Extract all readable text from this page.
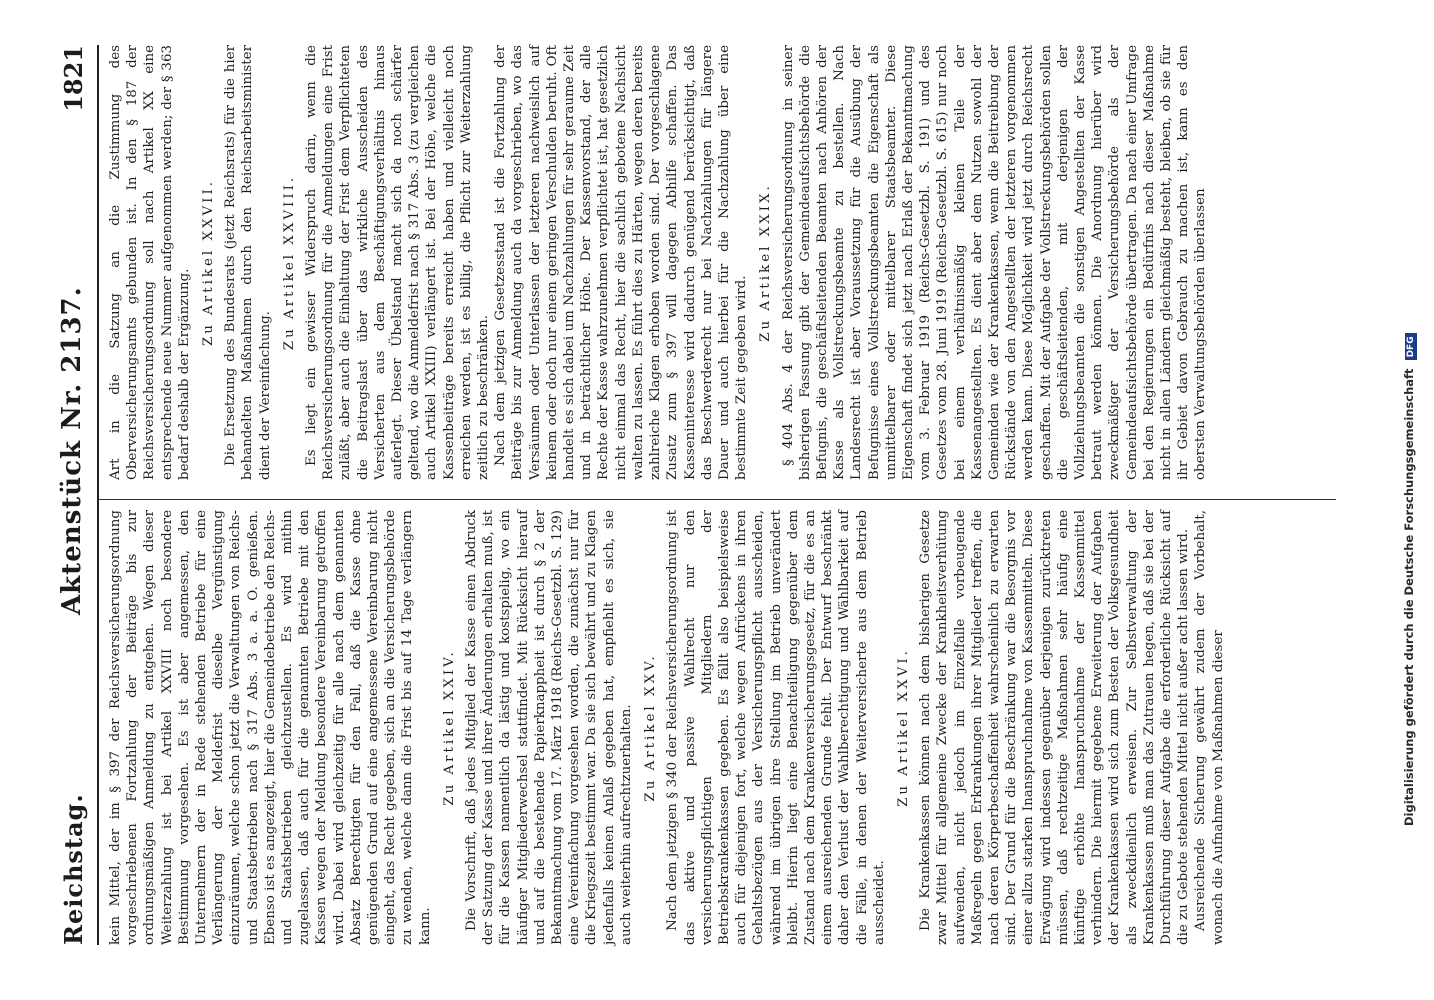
Reichstag.
Aktenstück Nr. 2137.
1821

kein Mittel, der im § 397 der Reichsversicherungsordnung vorgeschriebenen Fortzahlung der Beiträge bis zur ordnungsmäßigen Anmeldung zu entgehen. Wegen dieser Weiterzahlung ist bei Artikel XXVIII noch besondere Bestimmung vorgesehen. Es ist aber angemessen, den Unternehmern der in Rede stehenden Betriebe für eine Verlängerung der Meldefrist dieselbe Vergünstigung einzuräumen, welche schon jetzt die Verwaltungen von Reichs- und Staatsbetrieben nach § 317 Abs. 3 a. a. O. genießen. Ebenso ist es angezeigt, hier die Gemeindebetriebe den Reichs- und Staatsbetrieben gleichzustellen. Es wird mithin zugelassen, daß auch für die genannten Betriebe mit den Kassen wegen der Meldung besondere Vereinbarung getroffen wird. Dabei wird gleichzeitig für alle nach dem genannten Absatz Berechtigten für den Fall, daß die Kasse ohne genügenden Grund auf eine angemessene Vereinbarung nicht eingeht, das Recht gegeben, sich an die Versicherungsbehörde zu wenden, welche dann die Frist bis auf 14 Tage verlängern kann.

Zu Artikel XXIV. Die Vorschrift, daß jedes Mitglied der Kasse einen Abdruck der Satzung der Kasse und ihrer Änderungen erhalten muß, ist für die Kassen namentlich da lästig und kostspielig, wo ein häufiger Mitgliederwechsel stattfindet. Mit Rücksicht hierauf und auf die bestehende Papierknappheit ist durch § 2 der Bekanntmachung vom 17. März 1918 (Reichs-Gesetzbl. S. 129) eine Vereinfachung vorgesehen worden, die zunächst nur für die Kriegszeit bestimmt war. Da sie sich bewährt und zu Klagen jedenfalls keinen Anlaß gegeben hat, empfiehlt es sich, sie auch weiterhin aufrechtzuerhalten. Zu Artikel XXV. Nach dem jetzigen § 340 der Reichsversicherungsordnung ist das aktive und passive Wahlrecht nur den versicherungspflichtigen Mitgliedern der Betriebskrankenkassen gegeben. Es fällt also beispielsweise auch für diejenigen fort, welche wegen Aufrückens in ihren Gehaltsbezügen aus der Versicherungspflicht ausscheiden, während im übrigen ihre Stellung im Betrieb unverändert bleibt. Hierin liegt eine Benachteiligung gegenüber dem Zustand nach dem Krankenversicherungsgesetz, für die es an einem ausreichenden Grunde fehlt. Der Entwurf beschränkt daher den Verlust der Wahlberechtigung und Wählbarkeit auf die Fälle, in denen der Weiterversicherte aus dem Betrieb ausscheidet.

Zu Artikel XXVI. Die Krankenkassen können nach dem bisherigen Gesetze zwar Mittel für allgemeine Zwecke der Krankheitsverhütung aufwenden, nicht jedoch im Einzelfalle vorbeugende Maßregeln gegen Erkrankungen ihrer Mitglieder treffen, die nach deren Körperbeschaffenheit wahrscheinlich zu erwarten sind. Der Grund für die Beschränkung war die Besorgnis vor einer allzu starken Inanspruchnahme von Kassenmitteln. Diese Erwägung wird indessen gegenüber derjenigen zurücktreten müssen, daß rechtzeitige Maßnahmen sehr häufig eine künftige erhöhte Inanspruchnahme der Kassenmittel verhindern. Die hiermit gegebene Erweiterung der Aufgaben der Krankenkassen wird sich zum Besten der Volksgesundheit als zweckdienlich erweisen. Zur Selbstverwaltung der Krankenkassen muß man das Zutrauen hegen, daß sie bei der Durchführung dieser Aufgabe die erforderliche Rücksicht auf die zu Gebote stehenden Mittel nicht außer acht lassen wird. Ausreichende Sicherung gewährt zudem der Vorbehalt, wonach die Aufnahme von Maßnahmen dieser

Art in die Satzung an die Zustimmung des Oberversicherungsamts gebunden ist. In den § 187 der Reichsversicherungsordnung soll nach Artikel XX eine entsprechende neue Nummer aufgenommen werden; der § 363 bedarf deshalb der Ergänzung.

Zu Artikel XXVII. Die Ersetzung des Bundesrats (jetzt Reichsrats) für die hier behandelten Maßnahmen durch den Reichsarbeitsminister dient der Vereinfachung.

Zu Artikel XXVIII. Es liegt ein gewisser Widerspruch darin, wenn die Reichsversicherungsordnung für die Anmeldungen eine Frist zuläßt, aber auch die Einhaltung der Frist dem Verpflichteten die Beitragslast über das wirkliche Ausscheiden des Versicherten aus dem Beschäftigungsverhältnis hinaus auferlegt. Dieser Übelstand macht sich da noch schärfer geltend, wo die Anmeldefrist nach § 317 Abs. 3 (zu vergleichen auch Artikel XXIII) verlängert ist. Bei der Höhe, welche die Kassenbeiträge bereits erreicht haben und vielleicht noch erreichen werden, ist es billig, die Pflicht zur Weiterzahlung zeitlich zu beschränken. Nach dem jetzigen Gesetzesstand ist die Fortzahlung der Beiträge bis zur Anmeldung auch da vorgeschrieben, wo das Versäumen oder Unterlassen der letzteren nachweislich auf keinem oder doch nur einem geringen Verschulden beruht. Oft handelt es sich dabei um Nachzahlungen für sehr geraume Zeit und in beträchtlicher Höhe. Der Kassenvorstand, der alle Rechte der Kasse wahrzunehmen verpflichtet ist, hat gesetzlich nicht einmal das Recht, hier die sachlich gebotene Nachsicht walten zu lassen. Es führt dies zu Härten, wegen deren bereits zahlreiche Klagen erhoben worden sind. Der vorgeschlagene Zusatz zum § 397 will dagegen Abhilfe schaffen. Das Kasseninteresse wird dadurch genügend berücksichtigt, daß das Beschwerderecht nur bei Nachzahlungen für längere Dauer und auch hierbei für die Nachzahlung über eine bestimmte Zeit gegeben wird.

Zu Artikel XXIX. § 404 Abs. 4 der Reichsversicherungsordnung in seiner bisherigen Fassung gibt der Gemeindeaufsichtsbehörde die Befugnis, die geschäftsleitenden Beamten nach Anhören der Kasse als Vollstreckungsbeamte zu bestellen. Nach Landesrecht ist aber Voraussetzung für die Ausübung der Befugnisse eines Vollstreckungsbeamten die Eigenschaft als unmittelbarer oder mittelbarer Staatsbeamter. Diese Eigenschaft findet sich jetzt nach Erlaß der Bekanntmachung vom 3. Februar 1919 (Reichs-Gesetzbl. S. 191) und des Gesetzes vom 28. Juni 1919 (Reichs-Gesetzbl. S. 615) nur noch bei einem verhältnismäßig kleinen Teile der Kassenangestellten. Es dient aber dem Nutzen sowohl der Gemeinden wie der Krankenkassen, wenn die Beitreibung der Rückstände von den Angestellten der letzteren vorgenommen werden kann. Diese Möglichkeit wird jetzt durch Reichsrecht geschaffen. Mit der Aufgabe der Vollstreckungsbehörden sollen die geschäftsleitenden, mit derjenigen der Vollziehungsbeamten die sonstigen Angestellten der Kasse betraut werden können. Die Anordnung hierüber wird zweckmäßiger der Versicherungsbehörde als der Gemeindeaufsichtsbehörde übertragen. Da nach einer Umfrage bei den Regierungen ein Bedürfnis nach dieser Maßnahme nicht in allen Ländern gleichmäßig besteht, bleiben, ob sie für ihr Gebiet davon Gebrauch zu machen ist, kann es den obersten Verwaltungsbehörden überlassen

Digitalisierung gefördert durch die Deutsche Forschungsgemeinschaft DFG
